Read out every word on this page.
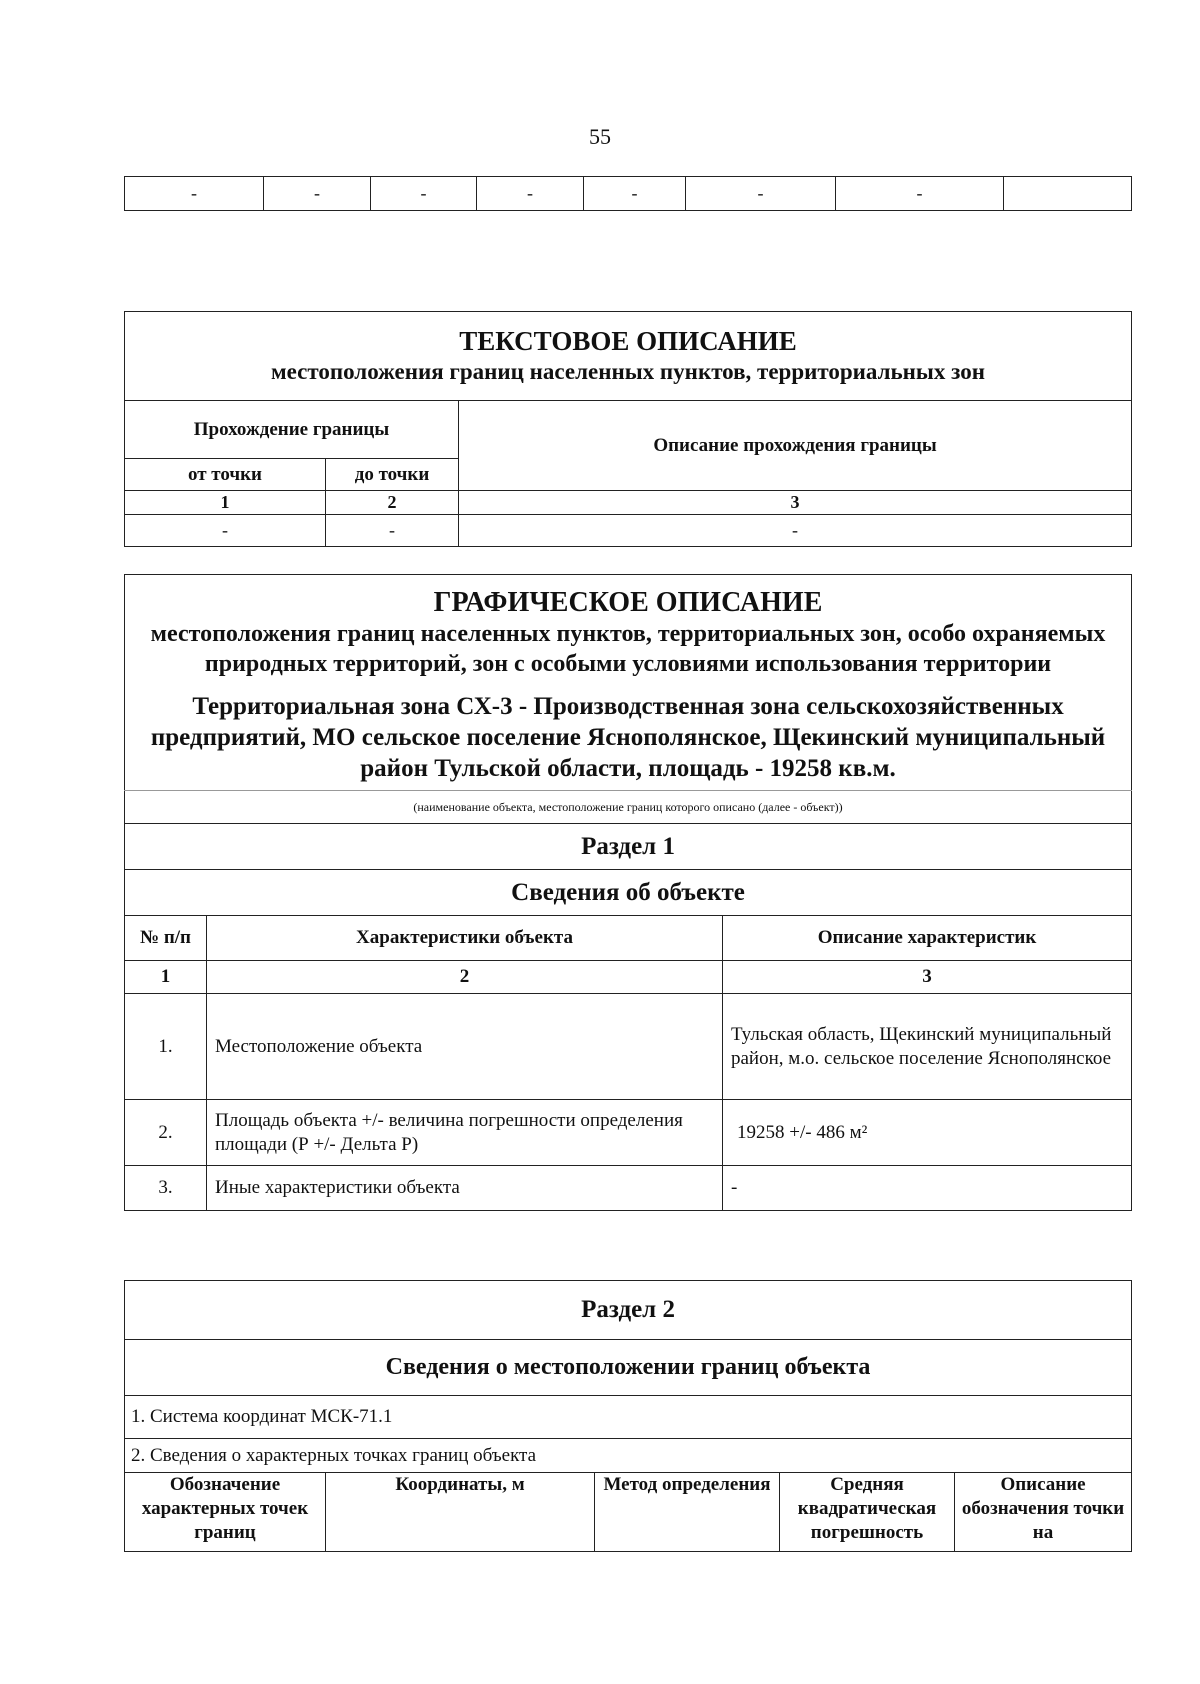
55
-	-	-	-	-	-	-	
ТЕКСТОВОЕ ОПИСАНИЕ
местоположения границ населенных пунктов, территориальных зон		

Прохождение границы		Описание прохождения границы
от точки	до точки	
1	2	3
-	-	-
ГРАФИЧЕСКОЕ ОПИСАНИЕ
местоположения границ населенных пунктов, территориальных зон, особо охраняемых природных территорий, зон с особыми условиями использования территории
Территориальная зона СХ-3 - Производственная зона сельскохозяйственных предприятий, МО сельское поселение Яснополянское, Щекинский муниципальный район Тульской области, площадь - 19258 кв.м.		

(наименование объекта, местоположение границ которого описано (далее - объект))		
Раздел 1		
Сведения об объекте		
№ п/п	Характеристики объекта	Описание характеристик
1	2	3
1.	Местоположение объекта	Тульская область, Щекинский муниципальный район, м.о. сельское поселение Яснополянское
2.	Площадь объекта +/- величина погрешности определения площади (Р +/- Дельта Р)	19258 +/- 486 м²
3.	Иные характеристики объекта	-
Раздел 2
Сведения о местоположении границ объекта
1. Система координат МСК-71.1
2. Сведения о характерных точках границ объекта
Обозначение характерных точек границ	Координаты, м	Метод определения	Средняя квадратическая погрешность	Описание обозначения точки на
